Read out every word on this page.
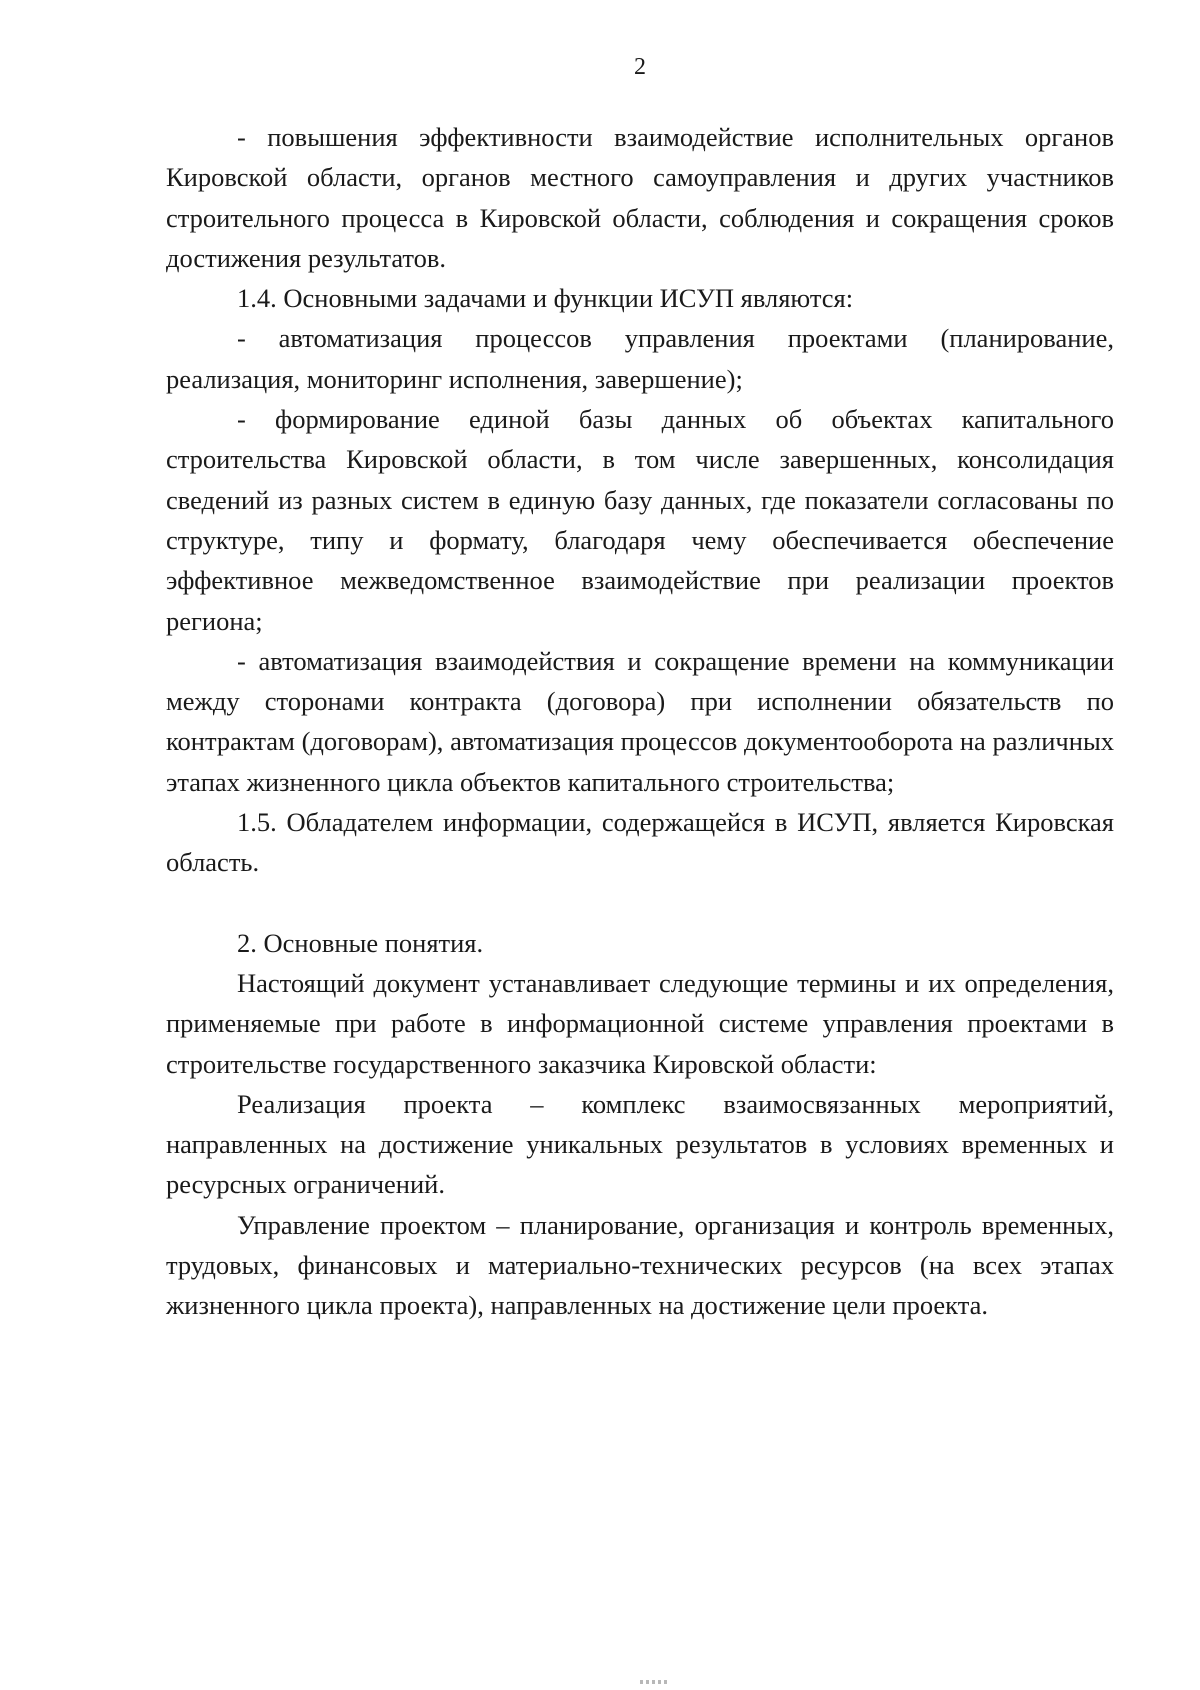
2

- повышения эффективности взаимодействие исполнительных органов Кировской области, органов местного самоуправления и других участников строительного процесса в Кировской области, соблюдения и сокращения сроков достижения результатов.

1.4. Основными задачами и функции ИСУП являются:

- автоматизация процессов управления проектами (планирование, реализация, мониторинг исполнения, завершение);

- формирование единой базы данных об объектах капитального строительства Кировской области, в том числе завершенных, консолидация сведений из разных систем в единую базу данных, где показатели согласованы по структуре, типу и формату, благодаря чему обеспечивается обеспечение эффективное межведомственное взаимодействие при реализации проектов региона;

- автоматизация взаимодействия и сокращение времени на коммуникации между сторонами контракта (договора) при исполнении обязательств по контрактам (договорам), автоматизация процессов документооборота на различных этапах жизненного цикла объектов капитального строительства;

1.5. Обладателем информации, содержащейся в ИСУП, является Кировская область.

2. Основные понятия.

Настоящий документ устанавливает следующие термины и их определения, применяемые при работе в информационной системе управления проектами в строительстве государственного заказчика Кировской области:

Реализация проекта – комплекс взаимосвязанных мероприятий, направленных на достижение уникальных результатов в условиях временных и ресурсных ограничений.

Управление проектом – планирование, организация и контроль временных, трудовых, финансовых и материально-технических ресурсов (на всех этапах жизненного цикла проекта), направленных на достижение цели проекта.
